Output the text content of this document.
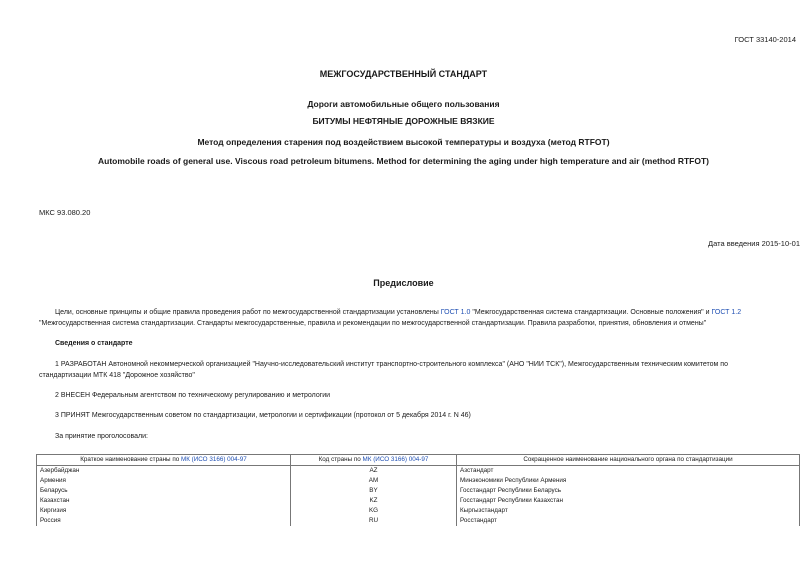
ГОСТ 33140-2014
МЕЖГОСУДАРСТВЕННЫЙ СТАНДАРТ
Дороги автомобильные общего пользования
БИТУМЫ НЕФТЯНЫЕ ДОРОЖНЫЕ ВЯЗКИЕ
Метод определения старения под воздействием высокой температуры и воздуха (метод RTFOT)
Automobile roads of general use. Viscous road petroleum bitumens. Method for determining the aging under high temperature and air (method RTFOT)
МКС 93.080.20
Дата введения 2015-10-01
Предисловие
Цели, основные принципы и общие правила проведения работ по межгосударственной стандартизации установлены ГОСТ 1.0 "Межгосударственная система стандартизации. Основные положения" и ГОСТ 1.2
"Межгосударственная система стандартизации. Стандарты межгосударственные, правила и рекомендации по межгосударственной стандартизации. Правила разработки, принятия, обновления и отмены"
Сведения о стандарте
1 РАЗРАБОТАН Автономной некоммерческой организацией "Научно-исследовательский институт транспортно-строительного комплекса" (АНО "НИИ ТСК"), Межгосударственным техническим комитетом по
стандартизации МТК 418 "Дорожное хозяйство"
2 ВНЕСЕН Федеральным агентством по техническому регулированию и метрологии
3 ПРИНЯТ Межгосударственным советом по стандартизации, метрологии и сертификации (протокол от 5 декабря 2014 г. N 46)
За принятие проголосовали:
Краткое наименование страны по МК (ИСО 3166) 004-97	Код страны по МК (ИСО 3166) 004-97	Сокращенное наименование национального органа по стандартизации
Азербайджан	AZ	Азстандарт
Армения	AM	Минэкономики Республики Армения
Беларусь	BY	Госстандарт Республики Беларусь
Казахстан	KZ	Госстандарт Республики Казахстан
Киргизия	KG	Кыргызстандарт
Россия	RU	Росстандарт
